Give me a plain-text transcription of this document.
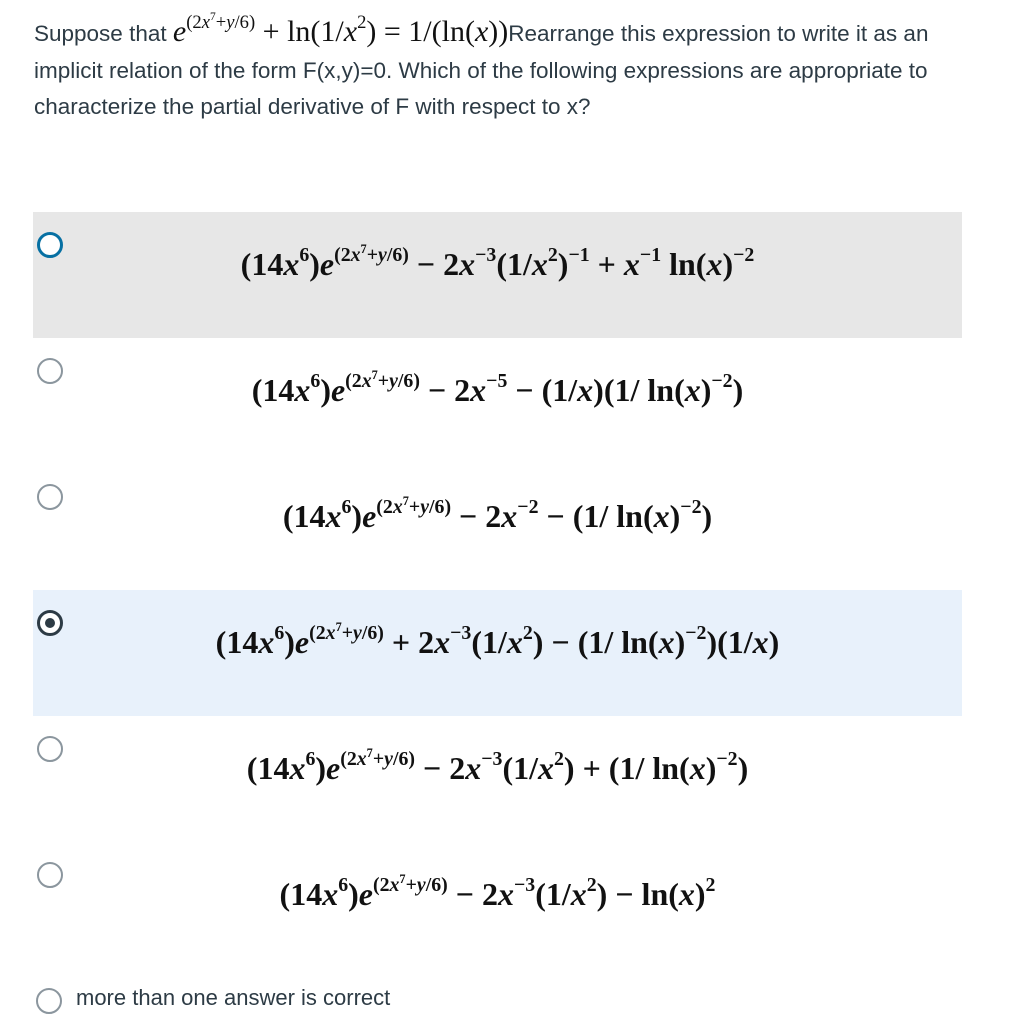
Suppose that $e^{(2x^7+y/6)} + \ln(1/x^2)$ = 1/(ln(x))Rearrange this expression to write it as an implicit relation of the form F(x,y)=0. Which of the following expressions are appropriate to characterize the partial derivative of F with respect to x?
$(14x^6)e^{(2x^7+y/6)} - 2x^{-3}(1/x^2)^{-1} + x^{-1}$ $\ln(x)^{-2}$
$(14x^6)e^{(2x^7+y/6)} - 2x^{-5} - (1/x)(1/$ $\ln(x)^{-2}$)
$(14x^6)e^{(2x^7+y/6)} - 2x^{-2} - (1/$ $\ln(x)^{-2}$)
$(14x^6)e^{(2x^7+y/6)} + 2x^{-3}(1/x^2) - (1/$ $\ln(x)^{-2})(1/x)$
$(14x^6)e^{(2x^7+y/6)} - 2x^{-3}(1/x^2) + (1/$ $\ln(x)^{-2}$)
$(14x^6)e^{(2x^7+y/6)} - 2x^{-3}(1/x^2) - \ln(x)^2$
more than one answer is correct
